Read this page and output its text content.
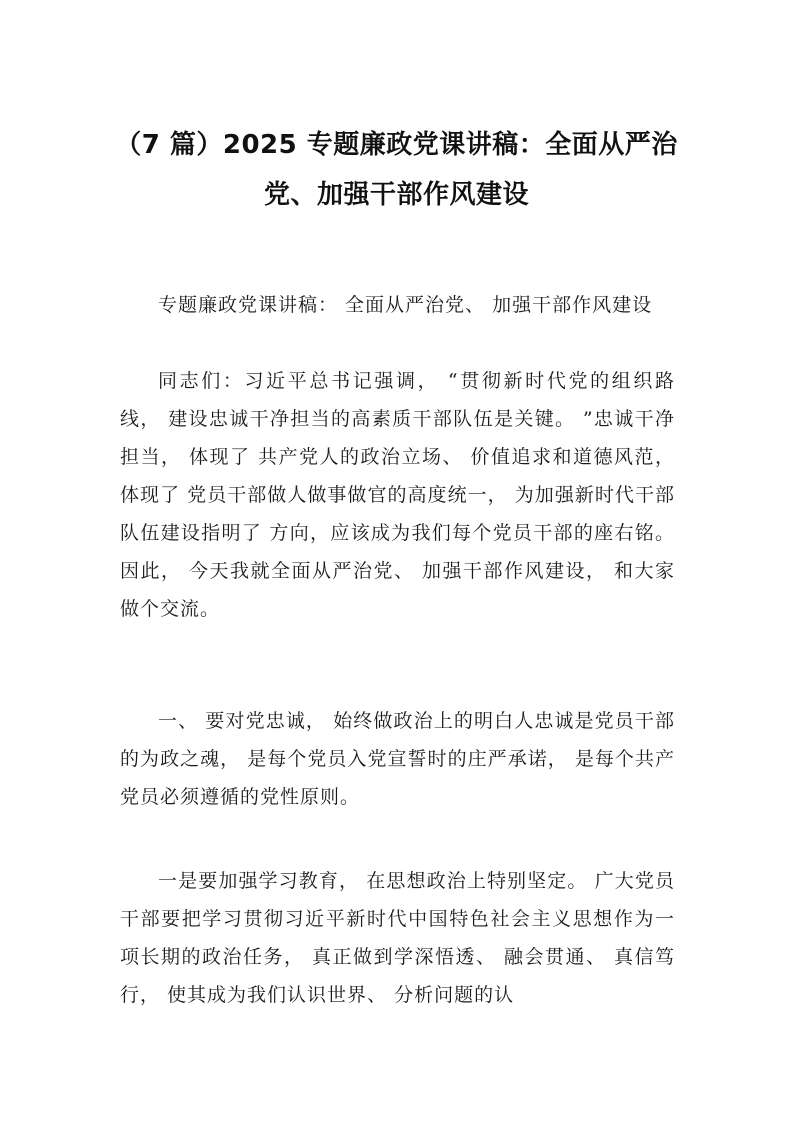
（7 篇）2025 专题廉政党课讲稿：全面从严治党、加强干部作风建设

专题廉政党课讲稿： 全面从严治党、 加强干部作风建设

同志们：习近平总书记强调， “贯彻新时代党的组织路线， 建设忠诚干净担当的高素质干部队伍是关键。 ”忠诚干净担当， 体现了 共产党人的政治立场、 价值追求和道德风范， 体现了 党员干部做人做事做官的高度统一， 为加强新时代干部队伍建设指明了 方向，应该成为我们每个党员干部的座右铭。 因此， 今天我就全面从严治党、 加强干部作风建设， 和大家做个交流。

一、 要对党忠诚， 始终做政治上的明白人忠诚是党员干部的为政之魂， 是每个党员入党宣誓时的庄严承诺， 是每个共产党员必须遵循的党性原则。

一是要加强学习教育， 在思想政治上特别坚定。 广大党员干部要把学习贯彻习近平新时代中国特色社会主义思想作为一项长期的政治任务， 真正做到学深悟透、 融会贯通、 真信笃行， 使其成为我们认识世界、 分析问题的认
